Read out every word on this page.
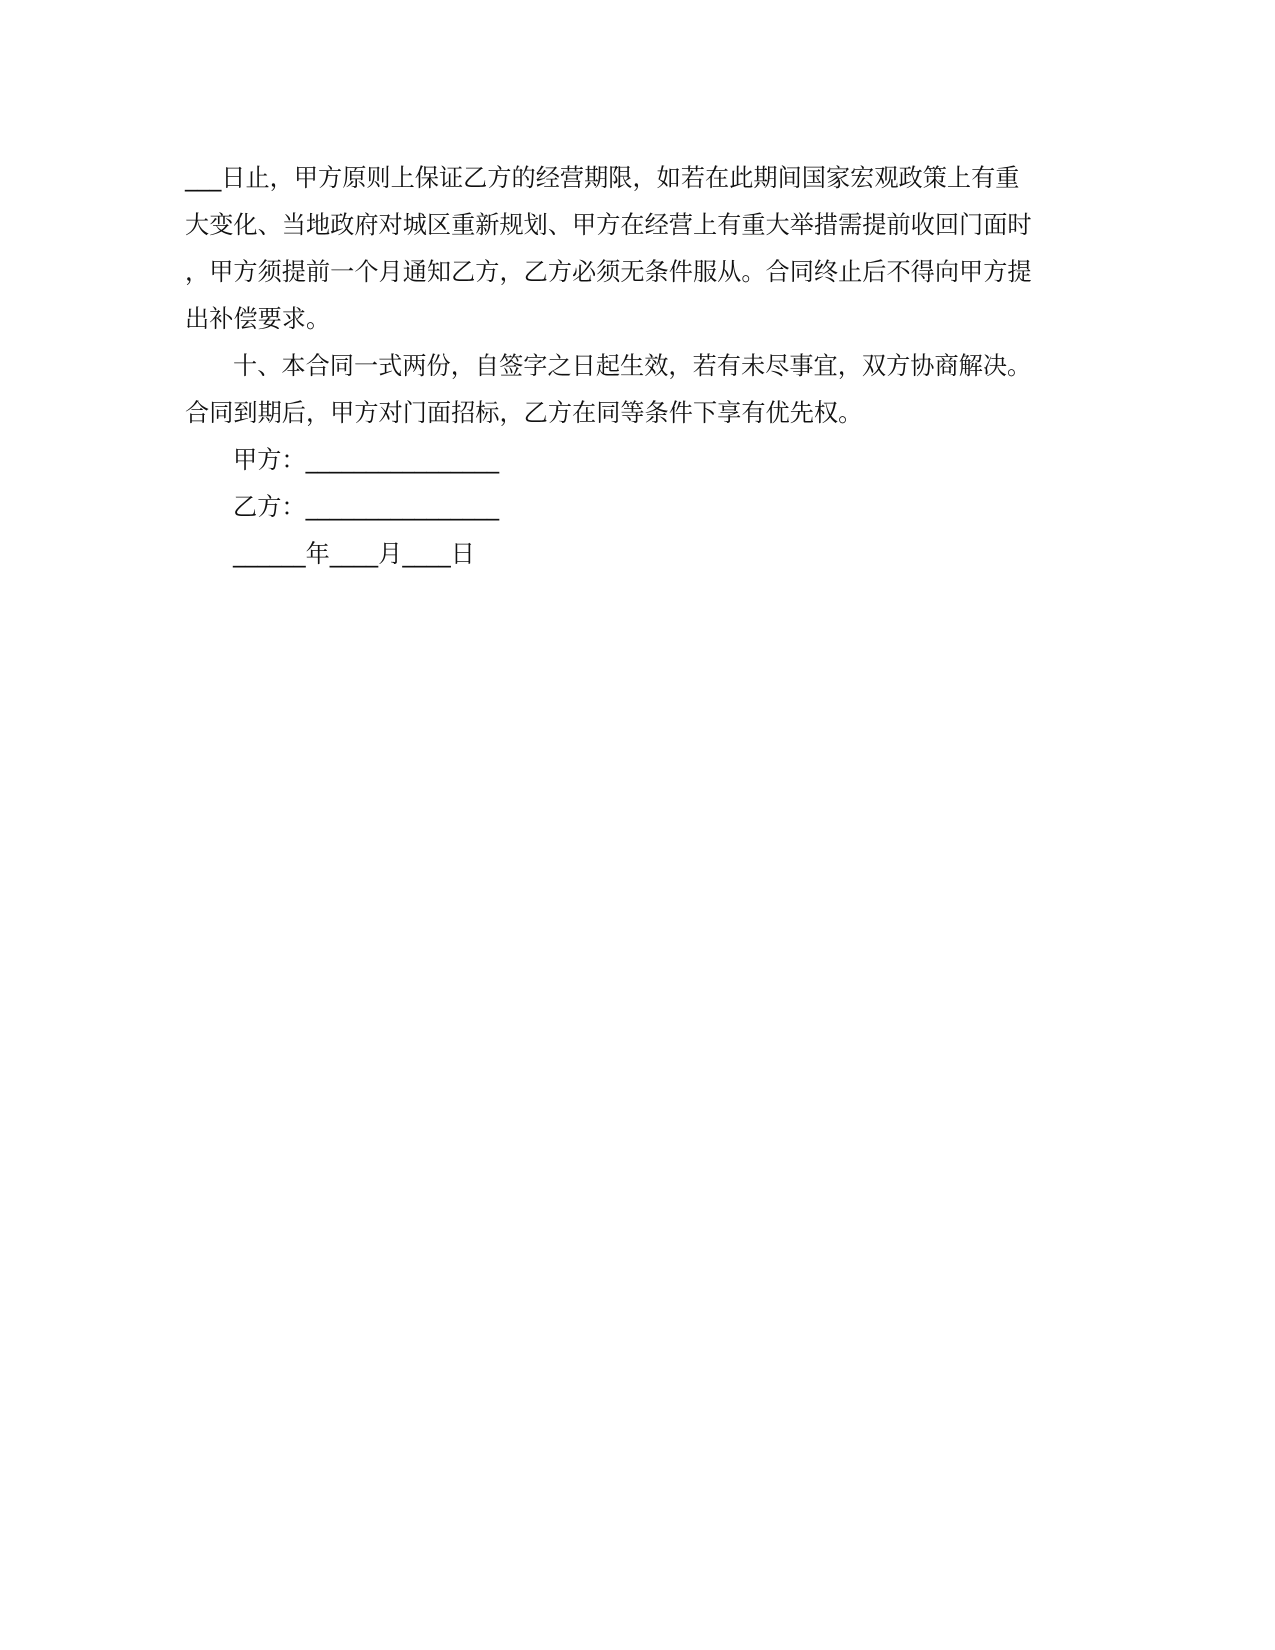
___日止，甲方原则上保证乙方的经营期限，如若在此期间国家宏观政策上有重
大变化、当地政府对城区重新规划、甲方在经营上有重大举措需提前收回门面时
，甲方须提前一个月通知乙方，乙方必须无条件服从。合同终止后不得向甲方提
出补偿要求。
十、本合同一式两份，自签字之日起生效，若有未尽事宜，双方协商解决。
合同到期后，甲方对门面招标，乙方在同等条件下享有优先权。
甲方：________________
乙方：________________
______年____月____日
